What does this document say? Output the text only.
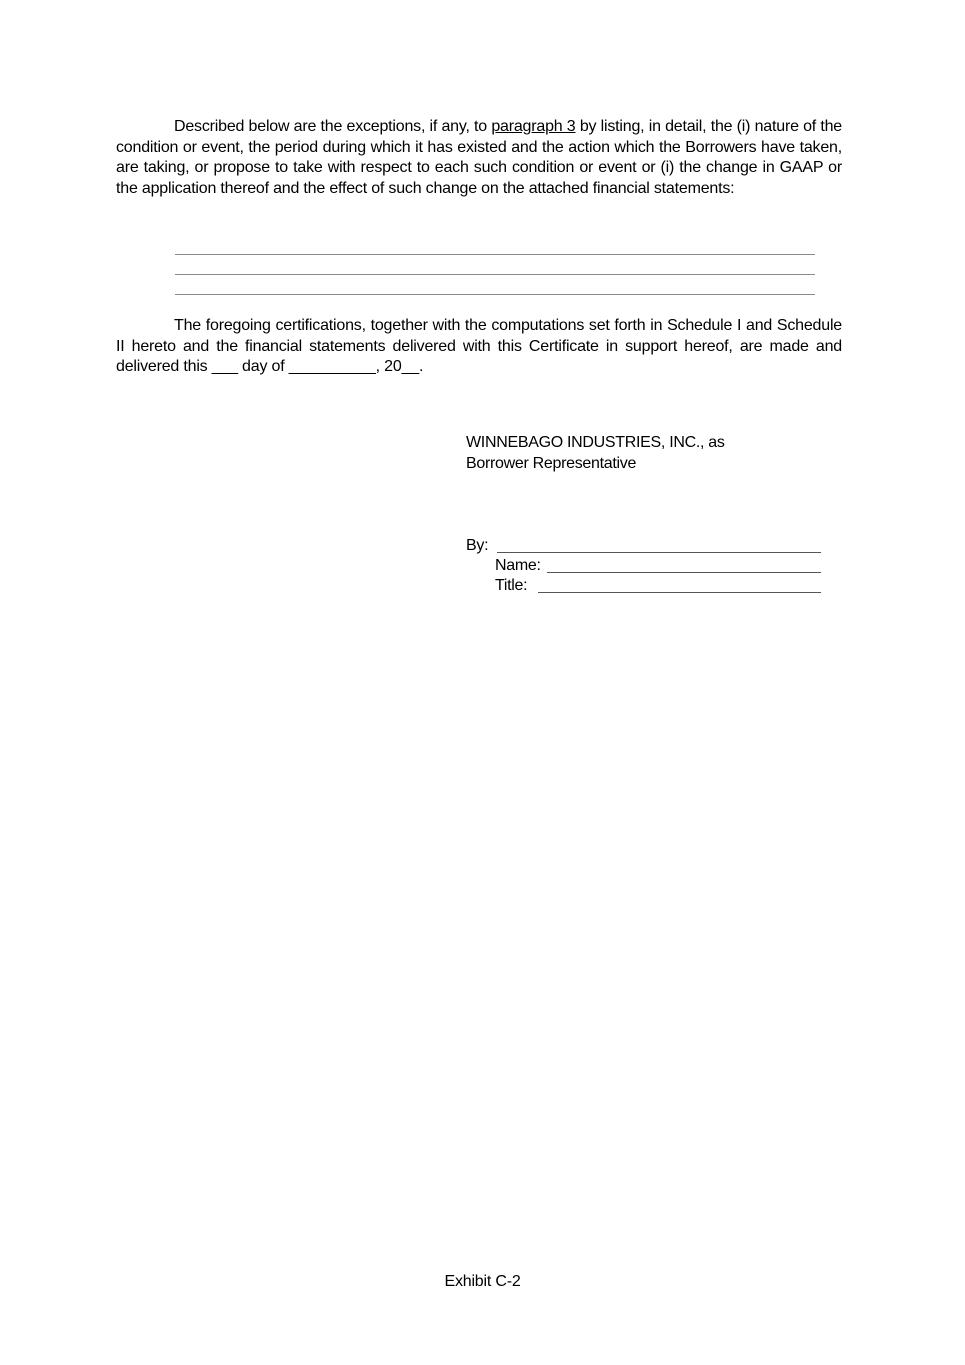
Described below are the exceptions, if any, to paragraph 3 by listing, in detail, the (i) nature of the condition or event, the period during which it has existed and the action which the Borrowers have taken, are taking, or propose to take with respect to each such condition or event or (i) the change in GAAP or the application thereof and the effect of such change on the attached financial statements:

The foregoing certifications, together with the computations set forth in Schedule I and Schedule II hereto and the financial statements delivered with this Certificate in support hereof, are made and delivered this ___ day of __________, 20__.

WINNEBAGO INDUSTRIES, INC., as
Borrower Representative
By:
Name:
Title:
Exhibit C-2
